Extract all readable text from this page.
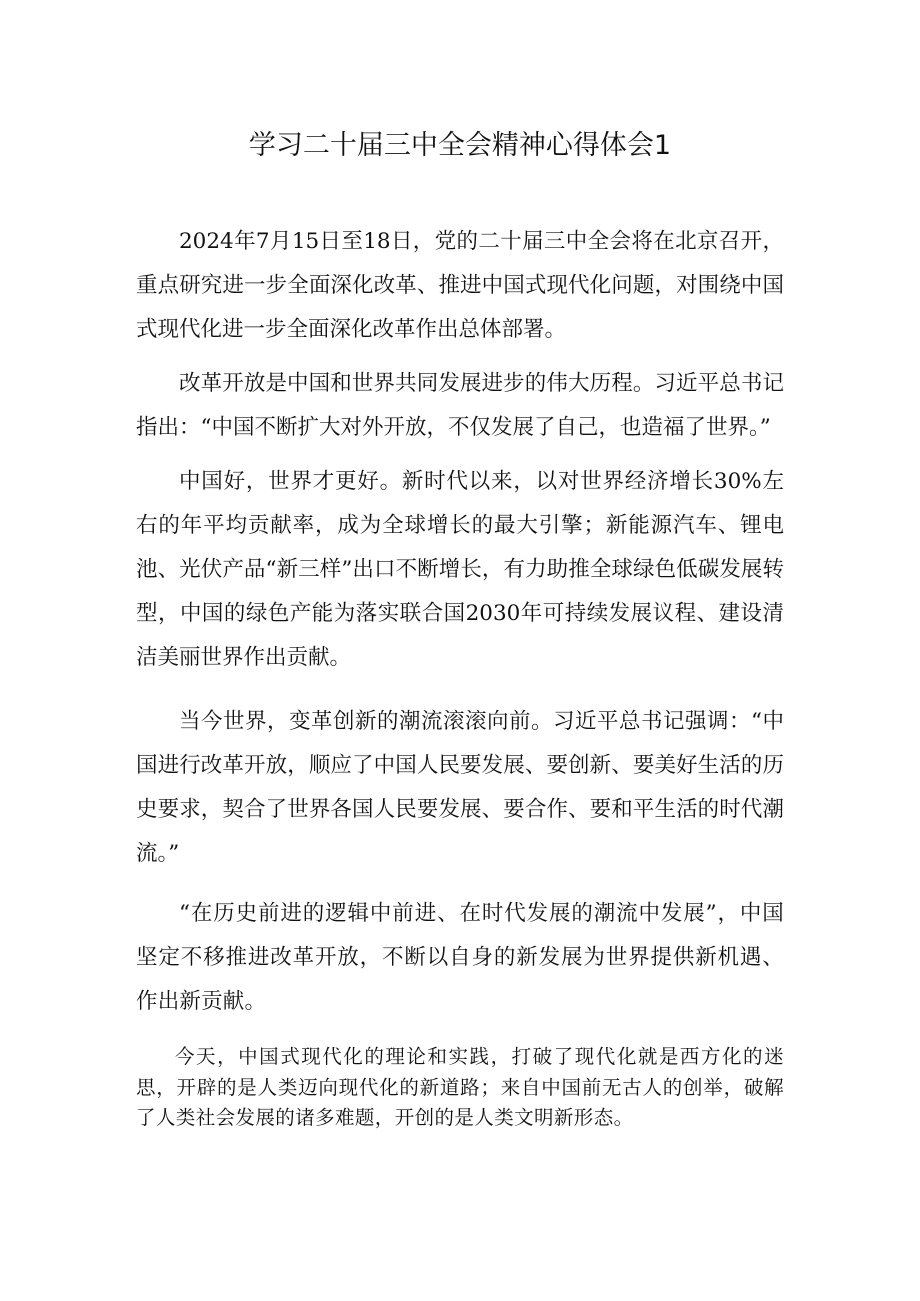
学习二十届三中全会精神心得体会1

2024年7月15日至18日，党的二十届三中全会将在北京召开，重点研究进一步全面深化改革、推进中国式现代化问题，对围绕中国式现代化进一步全面深化改革作出总体部署。

改革开放是中国和世界共同发展进步的伟大历程。习近平总书记指出：“中国不断扩大对外开放，不仅发展了自己，也造福了世界。”

中国好，世界才更好。新时代以来，以对世界经济增长30%左右的年平均贡献率，成为全球增长的最大引擎；新能源汽车、锂电池、光伏产品“新三样”出口不断增长，有力助推全球绿色低碳发展转型，中国的绿色产能为落实联合国2030年可持续发展议程、建设清洁美丽世界作出贡献。

当今世界，变革创新的潮流滚滚向前。习近平总书记强调：“中国进行改革开放，顺应了中国人民要发展、要创新、要美好生活的历史要求，契合了世界各国人民要发展、要合作、要和平生活的时代潮流。”

“在历史前进的逻辑中前进、在时代发展的潮流中发展”，中国坚定不移推进改革开放，不断以自身的新发展为世界提供新机遇、作出新贡献。

今天，中国式现代化的理论和实践，打破了现代化就是西方化的迷思，开辟的是人类迈向现代化的新道路；来自中国前无古人的创举，破解了人类社会发展的诸多难题，开创的是人类文明新形态。
